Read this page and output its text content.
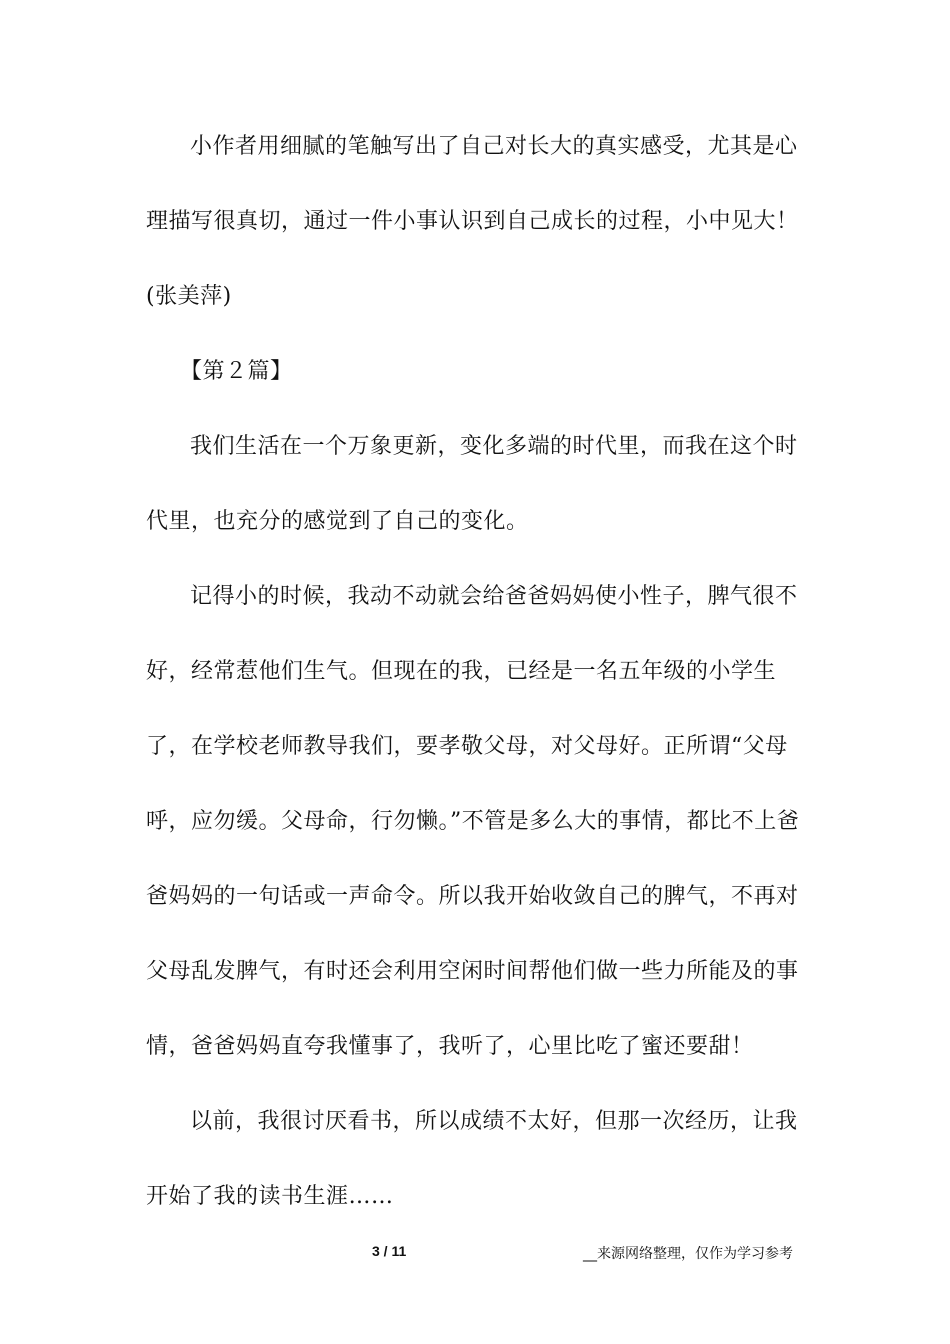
小作者用细腻的笔触写出了自己对长大的真实感受，尤其是心
理描写很真切，通过一件小事认识到自己成长的过程，小中见大！
(张美萍)
【第２篇】
我们生活在一个万象更新，变化多端的时代里，而我在这个时
代里，也充分的感觉到了自己的变化。
记得小的时候，我动不动就会给爸爸妈妈使小性子，脾气很不
好，经常惹他们生气。但现在的我，已经是一名五年级的小学生
了，在学校老师教导我们，要孝敬父母，对父母好。正所谓“父母
呼，应勿缓。父母命，行勿懒。”不管是多么大的事情，都比不上爸
爸妈妈的一句话或一声命令。所以我开始收敛自己的脾气，不再对
父母乱发脾气，有时还会利用空闲时间帮他们做一些力所能及的事
情，爸爸妈妈直夸我懂事了，我听了，心里比吃了蜜还要甜！
以前，我很讨厌看书，所以成绩不太好，但那一次经历，让我
开始了我的读书生涯……
3 / 11	__来源网络整理，仅作为学习参考
